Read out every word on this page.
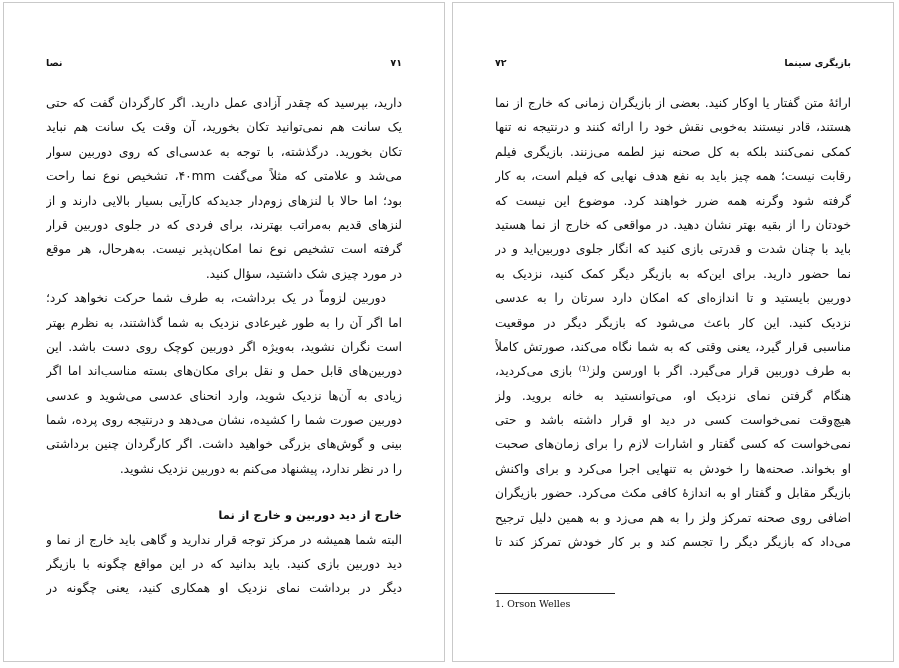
نصا	۷۱

دارید، بپرسید که چقدر آزادی عمل دارید. اگر کارگردان گفت که حتی

یک سانت هم نمی‌توانید تکان بخورید، آن وقت یک سانت هم نباید

تکان بخورید. درگذشته، با توجه به عدسی‌ای که روی دوربین سوار

می‌شد و علامتی که مثلاً می‌گفت ۴۰mm، تشخیص نوع نما راحت

بود؛ اما حالا با لنزهای زوم‌دار جدیدکه کارآیی بسیار بالایی دارند و از

لنزهای قدیم به‌مراتب بهترند، برای فردی که در جلوی دوربین قرار

گرفته است تشخیص نوع نما امکان‌پذیر نیست. به‌هرحال، هر موقع

در مورد چیزی شک داشتید، سؤال کنید.

دوربین لزوماً در یک برداشت، به طرف شما حرکت نخواهد کرد؛

اما اگر آن را به طور غیرعادی نزدیک به شما گذاشتند، به نظرم بهتر

است نگران نشوید، به‌ویژه اگر دوربین کوچک روی دست باشد. این

دوربین‌های قابل حمل و نقل برای مکان‌های بسته مناسب‌اند اما اگر

زیادی به آن‌ها نزدیک شوید، وارد انحنای عدسی می‌شوید و عدسی

دوربین صورت شما را کشیده، نشان می‌دهد و درنتیجه روی پرده، شما

بینی و گوش‌های بزرگی خواهید داشت. اگر کارگردان چنین برداشتی

را در نظر ندارد، پیشنهاد می‌کنم به دوربین نزدیک نشوید.

خارج از دید دوربین و خارج از نما

البته شما همیشه در مرکز توجه قرار ندارید و گاهی باید خارج از نما و

دید دوربین بازی کنید. باید بدانید که در این مواقع چگونه با بازیگر

دیگر در برداشت نمای نزدیک او همکاری کنید، یعنی چگونه در

۷۲	بازیگری سینما

ارائهٔ متن گفتار یا اوکار کنید. بعضی از بازیگران زمانی که خارج از نما

هستند، قادر نیستند به‌خوبی نقش خود را ارائه کنند و درنتیجه نه تنها

کمکی نمی‌کنند بلکه به کل صحنه نیز لطمه می‌زنند. بازیگری فیلم

رقابت نیست؛ همه چیز باید به نفع هدف نهایی که فیلم است، به کار

گرفته شود وگرنه همه ضرر خواهند کرد. موضوع این نیست که

خودتان را از بقیه بهتر نشان دهید. در مواقعی که خارج از نما هستید

باید با چنان شدت و قدرتی بازی کنید که انگار جلوی دوربین‌اید و در

نما حضور دارید. برای این‌که به بازیگر دیگر کمک کنید، نزدیک به

دوربین بایستید و تا اندازه‌ای که امکان دارد سرتان را به عدسی

نزدیک کنید. این کار باعث می‌شود که بازیگر دیگر در موقعیت

مناسبی قرار گیرد، یعنی وقتی که به شما نگاه می‌کند، صورتش کاملاً

به طرف دوربین قرار می‌گیرد. اگر با اورسن ولز⁽¹⁾ بازی می‌کردید،

هنگام گرفتن نمای نزدیک او، می‌توانستید به خانه بروید. ولز

هیچ‌وقت نمی‌خواست کسی در دید او قرار داشته باشد و حتی

نمی‌خواست که کسی گفتار و اشارات لازم را برای زمان‌های صحبت

او بخواند. صحنه‌ها را خودش به تنهایی اجرا می‌کرد و برای واکنش

بازیگر مقابل و گفتار او به اندازهٔ کافی مکث می‌کرد. حضور بازیگران

اضافی روی صحنه تمرکز ولز را به هم می‌زد و به همین دلیل ترجیح

می‌داد که بازیگر دیگر را تجسم کند و بر کار خودش تمرکز کند تا

1. Orson Welles
